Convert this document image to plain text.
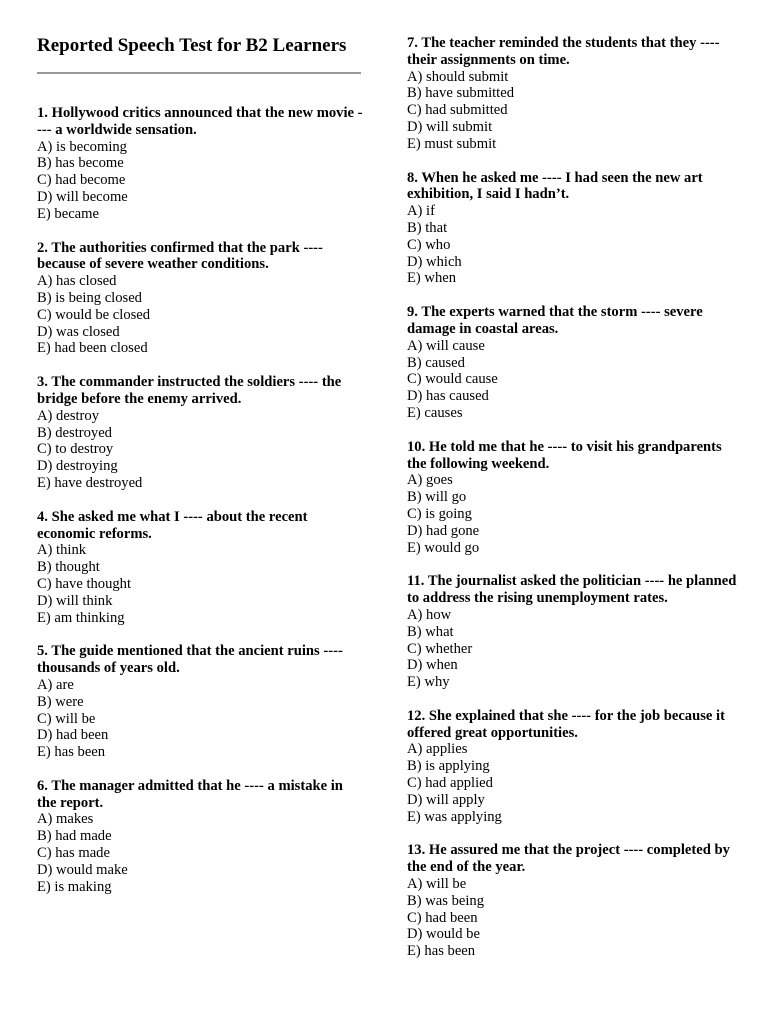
Reported Speech Test for B2 Learners
1. Hollywood critics announced that the new movie ---- a worldwide sensation.
A) is becoming
B) has become
C) had become
D) will become
E) became
2. The authorities confirmed that the park ---- because of severe weather conditions.
A) has closed
B) is being closed
C) would be closed
D) was closed
E) had been closed
3. The commander instructed the soldiers ---- the bridge before the enemy arrived.
A) destroy
B) destroyed
C) to destroy
D) destroying
E) have destroyed
4. She asked me what I ---- about the recent economic reforms.
A) think
B) thought
C) have thought
D) will think
E) am thinking
5. The guide mentioned that the ancient ruins ---- thousands of years old.
A) are
B) were
C) will be
D) had been
E) has been
6. The manager admitted that he ---- a mistake in the report.
A) makes
B) had made
C) has made
D) would make
E) is making
7. The teacher reminded the students that they ---- their assignments on time.
A) should submit
B) have submitted
C) had submitted
D) will submit
E) must submit
8. When he asked me ---- I had seen the new art exhibition, I said I hadn’t.
A) if
B) that
C) who
D) which
E) when
9. The experts warned that the storm ---- severe damage in coastal areas.
A) will cause
B) caused
C) would cause
D) has caused
E) causes
10. He told me that he ---- to visit his grandparents the following weekend.
A) goes
B) will go
C) is going
D) had gone
E) would go
11. The journalist asked the politician ---- he planned to address the rising unemployment rates.
A) how
B) what
C) whether
D) when
E) why
12. She explained that she ---- for the job because it offered great opportunities.
A) applies
B) is applying
C) had applied
D) will apply
E) was applying
13. He assured me that the project ---- completed by the end of the year.
A) will be
B) was being
C) had been
D) would be
E) has been
